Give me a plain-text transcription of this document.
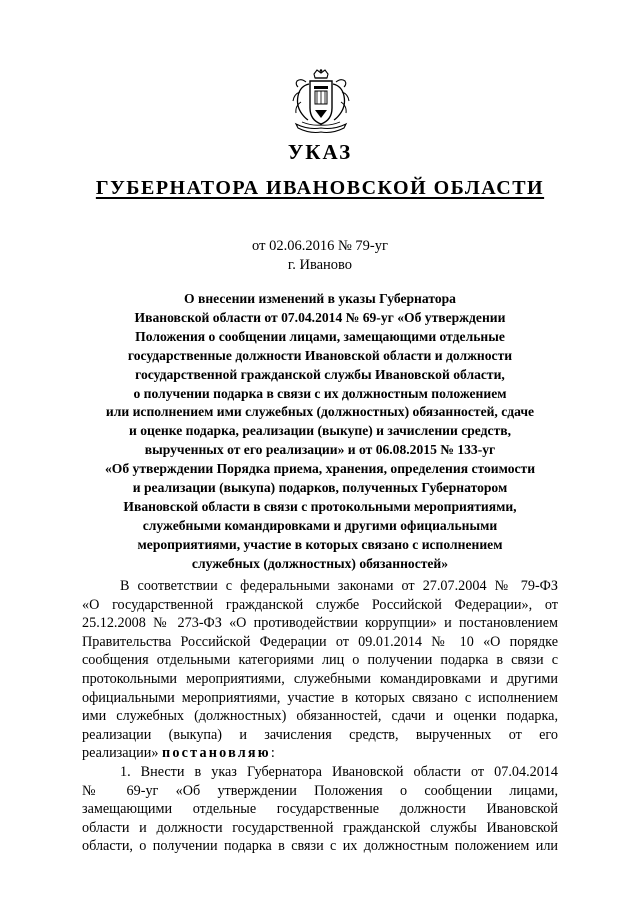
УКАЗ
ГУБЕРНАТОРА ИВАНОВСКОЙ ОБЛАСТИ
от 02.06.2016 № 79-уг
г. Иваново
О внесении изменений в указы Губернатора
Ивановской области от 07.04.2014 № 69-уг «Об утверждении
Положения о сообщении лицами, замещающими отдельные
государственные должности Ивановской области и должности
государственной гражданской службы Ивановской области,
о получении подарка в связи с их должностным положением
или исполнением ими служебных (должностных) обязанностей, сдаче
и оценке подарка, реализации (выкупе) и зачислении средств,
вырученных от его реализации» и от 06.08.2015 № 133-уг
«Об утверждении Порядка приема, хранения, определения стоимости
и реализации (выкупа) подарков, полученных Губернатором
Ивановской области в связи с протокольными мероприятиями,
служебными командировками и другими официальными
мероприятиями, участие в которых связано с исполнением
служебных (должностных) обязанностей»
В соответствии с федеральными законами от 27.07.2004 № 79-ФЗ
«О государственной гражданской службе Российской Федерации», от
25.12.2008 № 273-ФЗ «О противодействии коррупции» и постановлением
Правительства Российской Федерации от 09.01.2014 № 10 «О порядке
сообщения отдельными категориями лиц о получении подарка в связи с
протокольными мероприятиями, служебными командировками и другими
официальными мероприятиями, участие в которых связано с исполнением
ими служебных (должностных) обязанностей, сдачи и оценки подарка,
реализации (выкупа) и зачисления средств, вырученных от его
реализации» постановляю:
1. Внести в указ Губернатора Ивановской области от 07.04.2014
№ 69-уг «Об утверждении Положения о сообщении лицами,
замещающими отдельные государственные должности Ивановской
области и должности государственной гражданской службы Ивановской
области, о получении подарка в связи с их должностным положением или
